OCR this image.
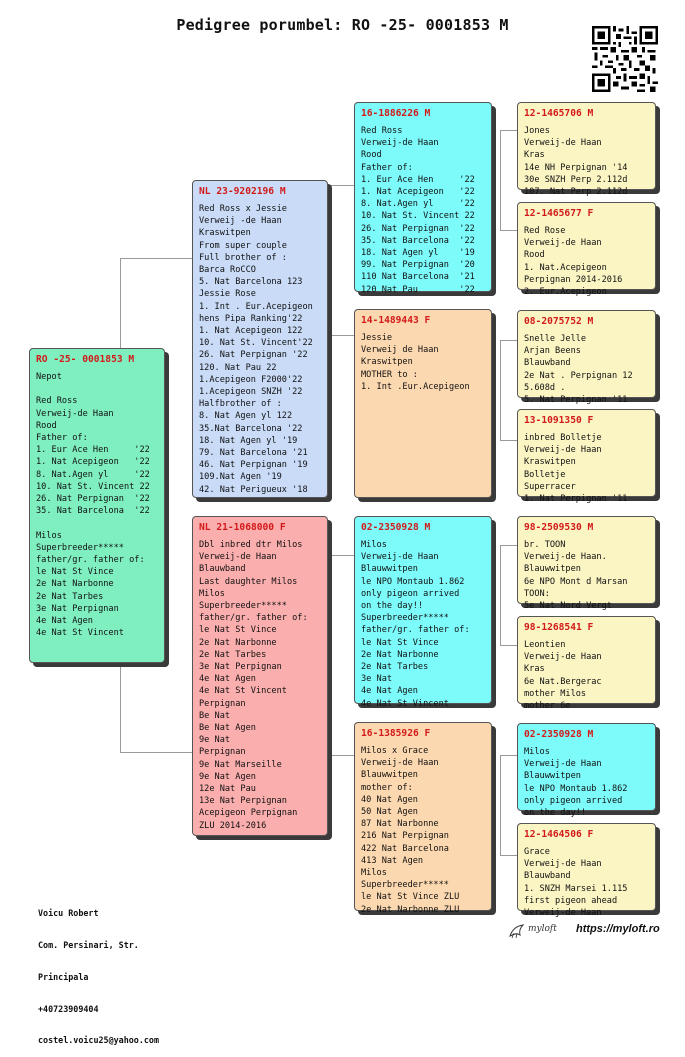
Pedigree porumbel: RO -25- 0001853 M
RO -25- 0001853 M
Nepot

Red Ross
Verweij-de Haan
Rood
Father of:
1. Eur Ace Hen     '22
1. Nat Acepigeon   '22
8. Nat.Agen yl     '22
10. Nat St. Vincent 22
26. Nat Perpignan  '22
35. Nat Barcelona  '22

Milos
Superbreeder*****
father/gr. father of:
le Nat St Vince
2e Nat Narbonne
2e Nat Tarbes
3e Nat Perpignan
4e Nat Agen
4e Nat St Vincent
NL 23-9202196 M
Red Ross x Jessie
Verweij -de Haan
Kraswitpen
From super couple
Full brother of :
Barca RoCCO
5. Nat Barcelona 123
Jessie Rose
1. Int . Eur.Acepigeon
hens Pipa Ranking'22
1. Nat Acepigeon 122
10. Nat St. Vincent'22
26. Nat Perpignan '22
120. Nat Pau 22
1.Acepigeon F2000'22
1.Acepigeon SNZH '22
Halfbrother of :
8. Nat Agen yl 122
35.Nat Barcelona '22
18. Nat Agen yl '19
79. Nat Barcelona '21
46. Nat Perpignan '19
109.Nat Agen '19
42. Nat Perigueux '18
NL 21-1068000 F
Dbl inbred dtr Milos
Verweij-de Haan
Blauwband
Last daughter Milos
Milos
Superbreeder*****
father/gr. father of:
le Nat St Vince
2e Nat Narbonne
2e Nat Tarbes
3e Nat Perpignan
4e Nat Agen
4e Nat St Vincent
Perpignan
Be Nat
Be Nat Agen
9e Nat
Perpignan
9e Nat Marseille
9e Nat Agen
12e Nat Pau
13e Nat Perpignan
Acepigeon Perpignan
ZLU 2014-2016
16-1886226 M
Red Ross
Verweij-de Haan
Rood
Father of:
1. Eur Ace Hen     '22
1. Nat Acepigeon   '22
8. Nat.Agen yl     '22
10. Nat St. Vincent 22
26. Nat Perpignan  '22
35. Nat Barcelona  '22
18. Nat Agen yl    '19
99. Nat Perpignan  '20
110 Nat Barcelona  '21
120 Nat Pau        '22
14-1489443 F
Jessie
Verweij de Haan
Kraswitpen
MOTHER to :
1. Int .Eur.Acepigeon
02-2350928 M
Milos
Verweij-de Haan
Blauwwitpen
le NPO Montaub 1.862
only pigeon arrived
on the day!!
Superbreeder*****
father/gr. father of:
le Nat St Vince
2e Nat Narbonne
2e Nat Tarbes
3e Nat
4e Nat Agen
4e Nat St Vincent
16-1385926 F
Milos x Grace
Verweij-de Haan
Blauwwitpen
mother of:
40 Nat Agen
50 Nat Agen
87 Nat Narbonne
216 Nat Perpignan
422 Nat Barcelona
413 Nat Agen
Milos
Superbreeder*****
le Nat St Vince ZLU
2e Nat Narbonne ZLU
12-1465706 M
Jones
Verweij-de Haan
Kras
14e NH Perpignan '14
30e SNZH Perp 2.112d
107. Nat Perp 2.112d
12-1465677 F
Red Rose
Verweij-de Haan
Rood
1. Nat.Acepigeon
Perpignan 2014-2016
2. Eur.Acepigeon
08-2075752 M
Snelle Jelle
Arjan Beens
Blauwband
2e Nat . Perpignan 12
5.608d .
5. Nat Perpignan '11
13-1091350 F
inbred Bolletje
Verweij-de Haan
Kraswitpen
Bolletje
Superracer
1. Nat Perpignan '11
98-2509530 M
br. TOON
Verweij-de Haan.
Blauwwitpen
6e NPO Mont d Marsan
TOON:
5e Nat Nord Vergt
98-1268541 F
Leontien
Verweij-de Haan
Kras
6e Nat.Bergerac
mother Milos
mother 6e
02-2350928 M
Milos
Verweij-de Haan
Blauwwitpen
le NPO Montaub 1.862
only pigeon arrived
on the day!!
12-1464506 F
Grace
Verweij-de Haan
Blauwband
1. SNZH Marsei 1.115
first pigeon ahead
Verweij-de Haan

Voicu Robert

Com. Persinari, Str.

Principala

+40723909404

costel.voicu25@yahoo.com

myloft https://myloft.ro
